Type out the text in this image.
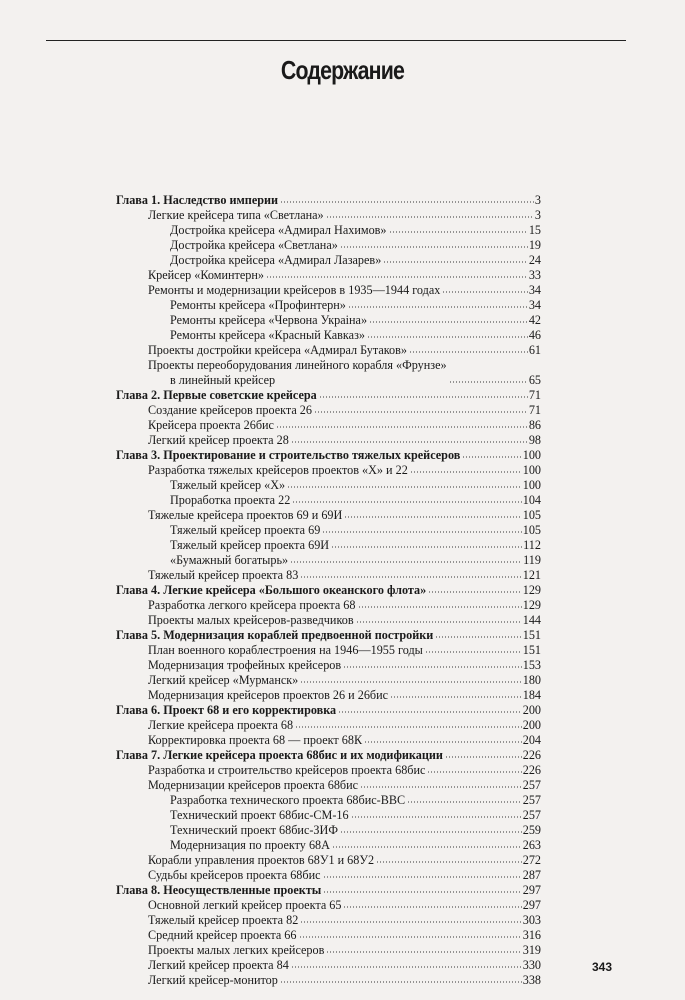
Содержание
Глава 1. Наследство империи	3
Легкие крейсера типа «Светлана»	3
Достройка крейсера «Адмирал Нахимов»	15
Достройка крейсера «Светлана»	19
Достройка крейсера «Адмирал Лазарев»	24
Крейсер «Коминтерн»	33
Ремонты и модернизации крейсеров в 1935—1944 годах	34
Ремонты крейсера «Профинтерн»	34
Ремонты крейсера «Червона Украіна»	42
Ремонты крейсера «Красный Кавказ»	46
Проекты достройки крейсера «Адмирал Бутаков»	61
Проекты переоборудования линейного корабля «Фрунзе»
в линейный крейсер	65
Глава 2. Первые советские крейсера	71
Создание крейсеров проекта 26	71
Крейсера проекта 26бис	86
Легкий крейсер проекта 28	98
Глава 3. Проектирование и строительство тяжелых крейсеров	100
Разработка тяжелых крейсеров проектов «Х» и 22	100
Тяжелый крейсер «Х»	100
Проработка проекта 22	104
Тяжелые крейсера проектов 69 и 69И	105
Тяжелый крейсер проекта 69	105
Тяжелый крейсер проекта 69И	112
«Бумажный богатырь»	119
Тяжелый крейсер проекта 83	121
Глава 4. Легкие крейсера «Большого океанского флота»	129
Разработка легкого крейсера проекта 68	129
Проекты малых крейсеров-разведчиков	144
Глава 5. Модернизация кораблей предвоенной постройки	151
План военного кораблестроения на 1946—1955 годы	151
Модернизация трофейных крейсеров	153
Легкий крейсер «Мурманск»	180
Модернизация крейсеров проектов 26 и 26бис	184
Глава 6. Проект 68 и его корректировка	200
Легкие крейсера проекта 68	200
Корректировка проекта 68 — проект 68К	204
Глава 7. Легкие крейсера проекта 68бис и их модификации	226
Разработка и строительство крейсеров проекта 68бис	226
Модернизации крейсеров проекта 68бис	257
Разработка технического проекта 68бис-ВВС	257
Технический проект 68бис-СМ-16	257
Технический проект 68бис-ЗИФ	259
Модернизация по проекту 68А	263
Корабли управления проектов 68У1 и 68У2	272
Судьбы крейсеров проекта 68бис	287
Глава 8. Неосуществленные проекты	297
Основной легкий крейсер проекта 65	297
Тяжелый крейсер проекта 82	303
Средний крейсер проекта 66	316
Проекты малых легких крейсеров	319
Легкий крейсер проекта 84	330
Легкий крейсер-монитор	338
343
